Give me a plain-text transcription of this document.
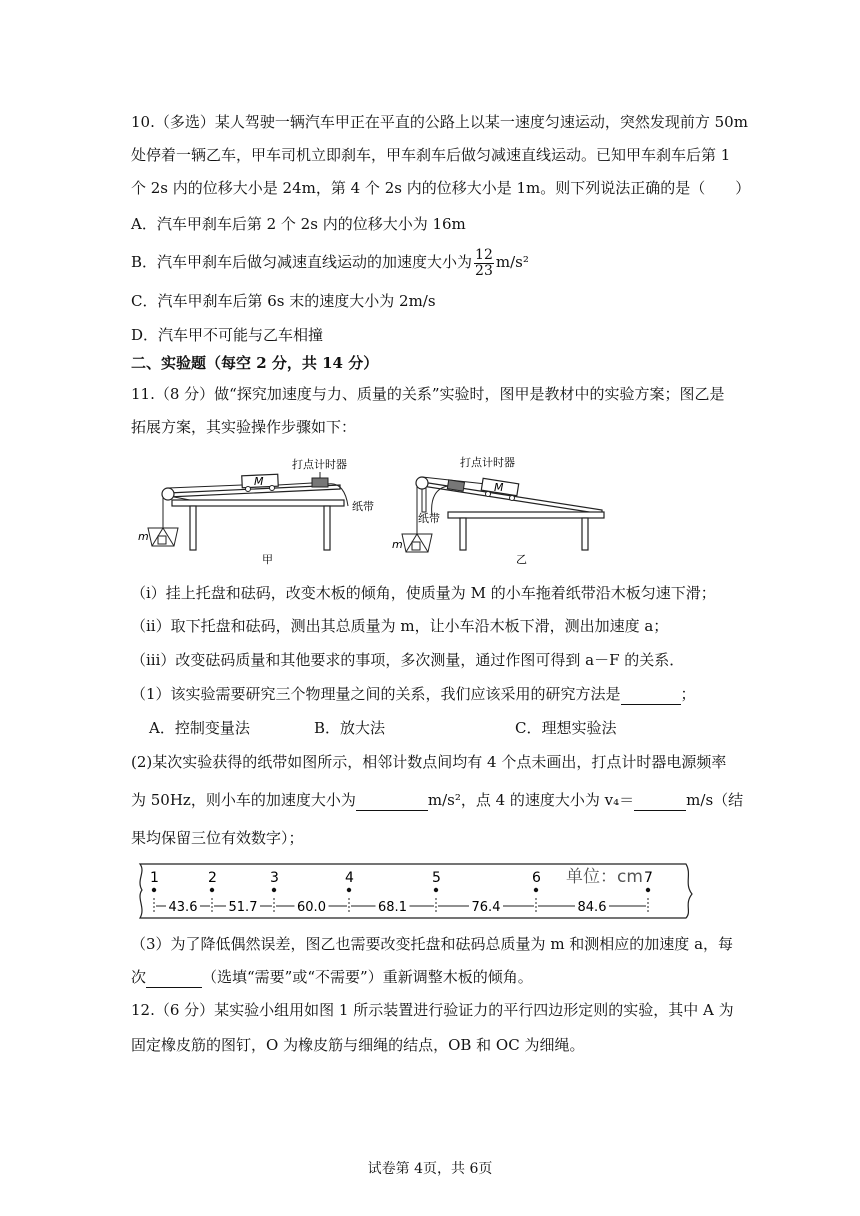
10.（多选）某人驾驶一辆汽车甲正在平直的公路上以某一速度匀速运动，突然发现前方 50m
处停着一辆乙车，甲车司机立即刹车，甲车刹车后做匀减速直线运动。已知甲车刹车后第 1
个 2s 内的位移大小是 24m，第 4 个 2s 内的位移大小是 1m。则下列说法正确的是（　　）
A．汽车甲刹车后第 2 个 2s 内的位移大小为 16m
B．汽车甲刹车后做匀减速直线运动的加速度大小为 $\frac{12}{23} m/s^2$
C．汽车甲刹车后第 6s 末的速度大小为 2m/s
D．汽车甲不可能与乙车相撞
二、实验题（每空 2 分，共 14 分）
11.（8 分）做“探究加速度与力、质量的关系”实验时，图甲是教材中的实验方案；图乙是
拓展方案，其实验操作步骤如下：
m
M
打点计时器
纸带
甲
m
打点计时器
M
纸带
乙
（i）挂上托盘和砝码，改变木板的倾角，使质量为 M 的小车拖着纸带沿木板匀速下滑；
（ii）取下托盘和砝码，测出其总质量为 m，让小车沿木板下滑，测出加速度 a；
（iii）改变砝码质量和其他要求的事项，多次测量，通过作图可得到 a－F 的关系．
（1）该实验需要研究三个物理量之间的关系，我们应该采用的研究方法是	；
A．控制变量法	B．放大法	C．理想实验法
(2)某次实验获得的纸带如图所示，相邻计数点间均有 4 个点未画出，打点计时器电源频率
为 50Hz，则小车的加速度大小为	m/s²，点 4 的速度大小为 v₄＝	m/s（结
果均保留三位有效数字）；
单位：cm
1	2	3	4	5	6	7
43.6 51.7	60.0	68.1	76.4	84.6
（3）为了降低偶然误差，图乙也需要改变托盘和砝码总质量为 m 和测相应的加速度 a，每
次	（选填“需要”或“不需要”）重新调整木板的倾角。
12.（6 分）某实验小组用如图 1 所示装置进行验证力的平行四边形定则的实验，其中 A 为
固定橡皮筋的图钉，O 为橡皮筋与细绳的结点，OB 和 OC 为细绳。
试卷第 4页，共 6页
